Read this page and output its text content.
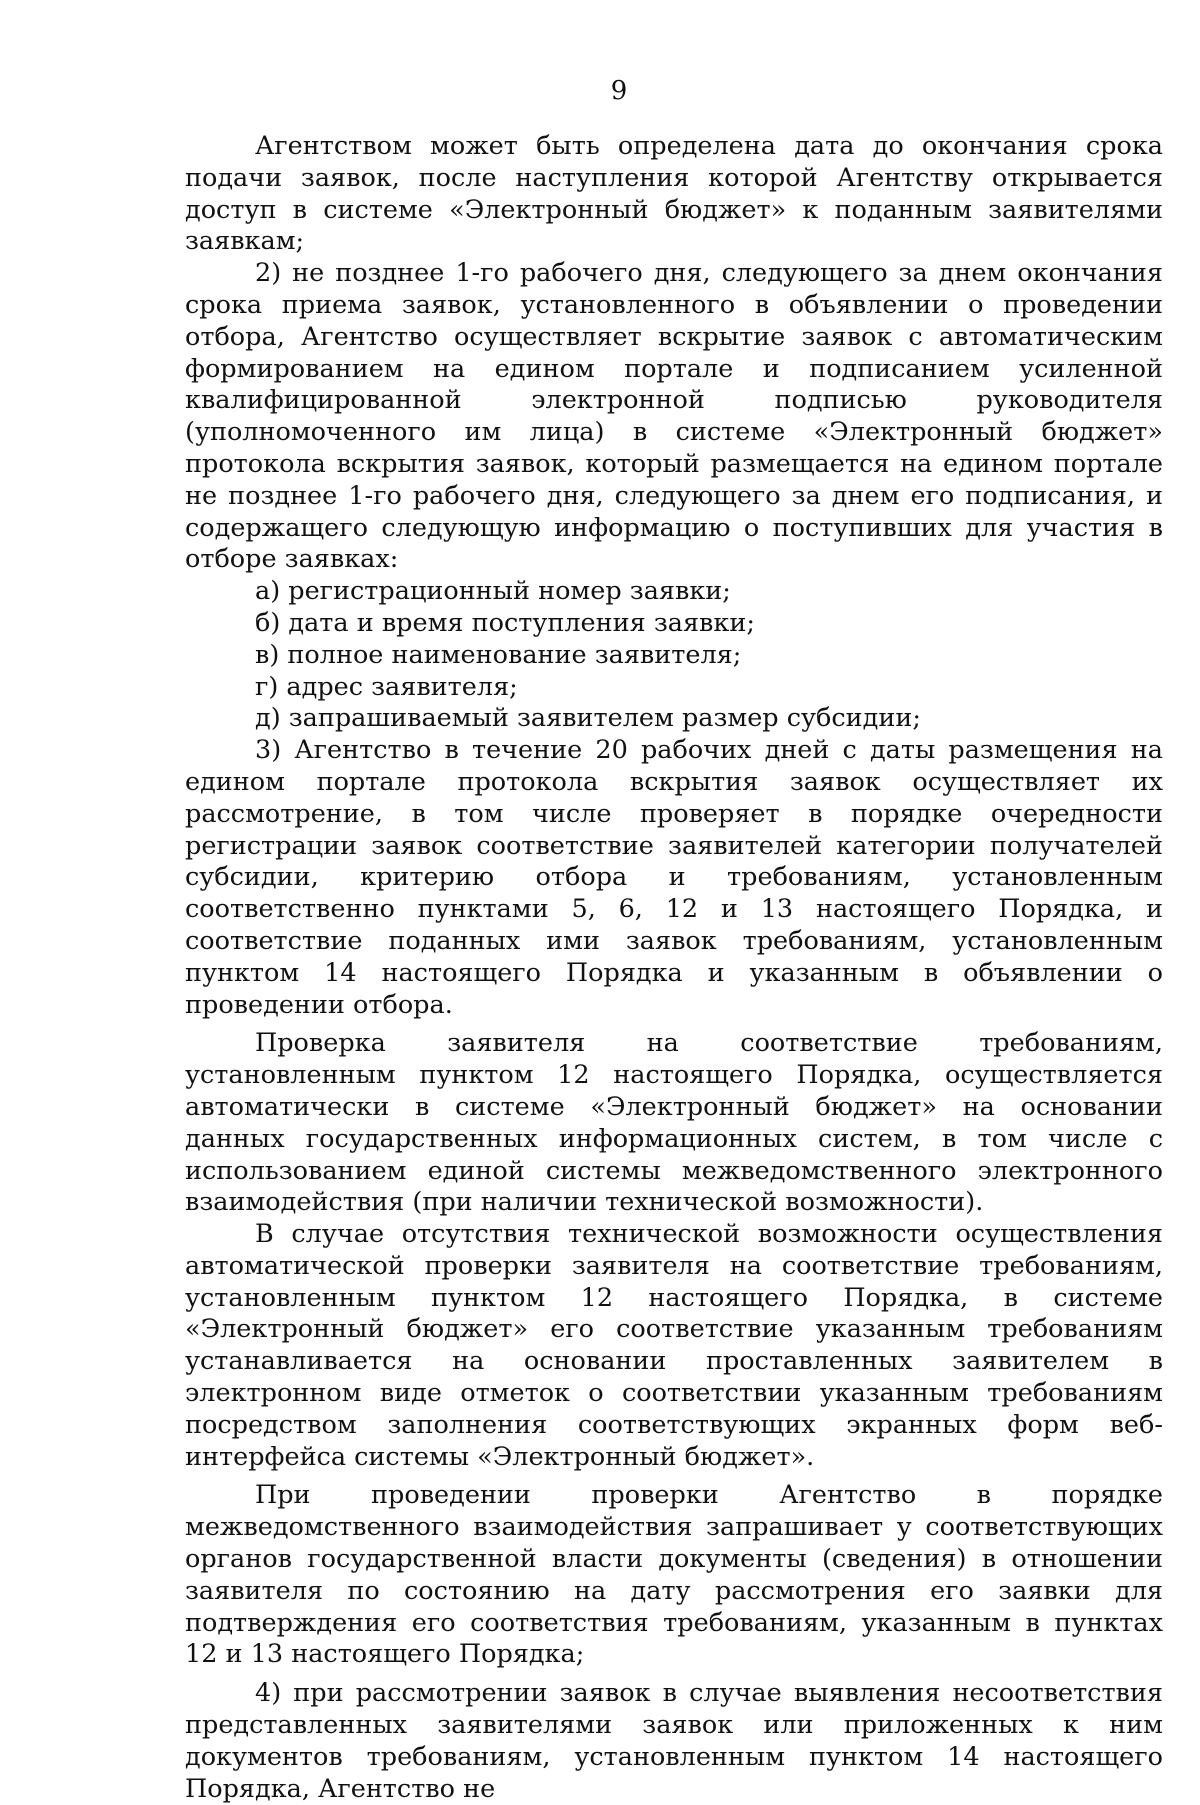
9

Агентством может быть определена дата до окончания срока подачи заявок, после наступления которой Агентству открывается доступ в системе «Электронный бюджет» к поданным заявителями заявкам;

2) не позднее 1-го рабочего дня, следующего за днем окончания срока приема заявок, установленного в объявлении о проведении отбора, Агентство осуществляет вскрытие заявок с автоматическим формированием на едином портале и подписанием усиленной квалифицированной электронной подписью руководителя (уполномоченного им лица) в системе «Электронный бюджет» протокола вскрытия заявок, который размещается на едином портале не позднее 1-го рабочего дня, следующего за днем его подписания, и содержащего следующую информацию о поступивших для участия в отборе заявках:

а) регистрационный номер заявки;

б) дата и время поступления заявки;

в) полное наименование заявителя;

г) адрес заявителя;

д) запрашиваемый заявителем размер субсидии;

3) Агентство в течение 20 рабочих дней с даты размещения на едином портале протокола вскрытия заявок осуществляет их рассмотрение, в том числе проверяет в порядке очередности регистрации заявок соответствие заявителей категории получателей субсидии, критерию отбора и требованиям, установленным соответственно пунктами 5, 6, 12 и 13 настоящего Порядка, и соответствие поданных ими заявок требованиям, установленным пунктом 14 настоящего Порядка и указанным в объявлении о проведении отбора.

Проверка заявителя на соответствие требованиям, установленным пунктом 12 настоящего Порядка, осуществляется автоматически в системе «Электронный бюджет» на основании данных государственных информационных систем, в том числе с использованием единой системы межведомственного электронного взаимодействия (при наличии технической возможности).

В случае отсутствия технической возможности осуществления автоматической проверки заявителя на соответствие требованиям, установленным пунктом 12 настоящего Порядка, в системе «Электронный бюджет» его соответствие указанным требованиям устанавливается на основании проставленных заявителем в электронном виде отметок о соответствии указанным требованиям посредством заполнения соответствующих экранных форм веб-интерфейса системы «Электронный бюджет».

При проведении проверки Агентство в порядке межведомственного взаимодействия запрашивает у соответствующих органов государственной власти документы (сведения) в отношении заявителя по состоянию на дату рассмотрения его заявки для подтверждения его соответствия требованиям, указанным в пунктах 12 и 13 настоящего Порядка;

4) при рассмотрении заявок в случае выявления несоответствия представленных заявителями заявок или приложенных к ним документов требованиям, установленным пунктом 14 настоящего Порядка, Агентство не
